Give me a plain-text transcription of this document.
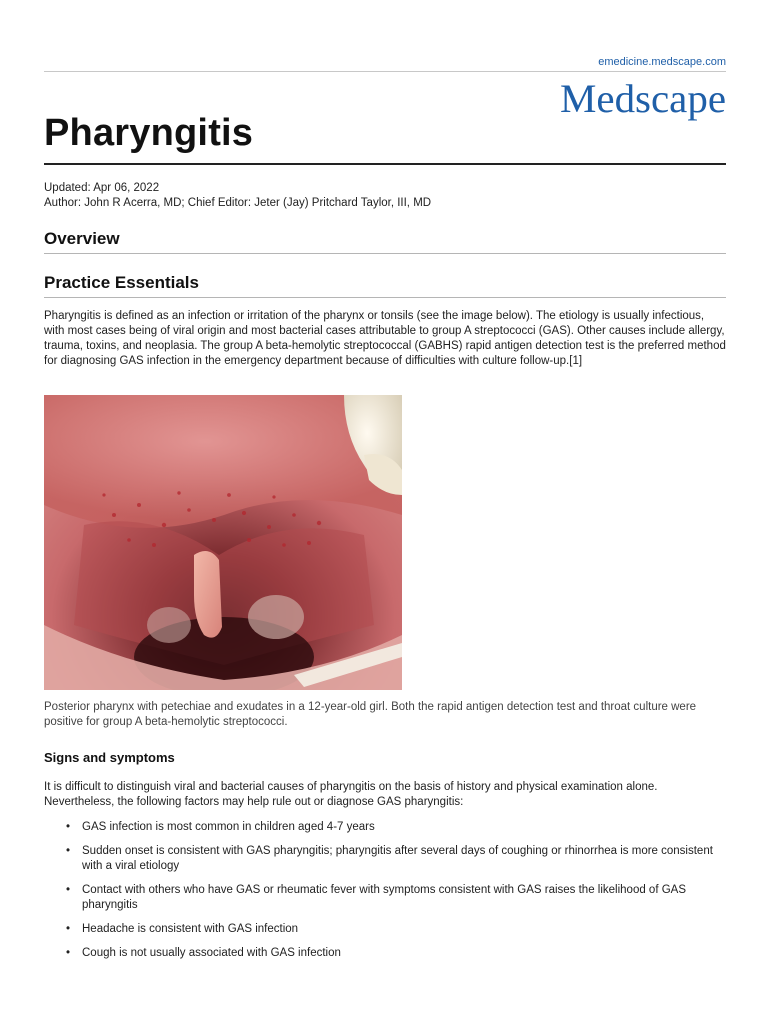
emedicine.medscape.com
Medscape
Pharyngitis
Updated: Apr 06, 2022
Author: John R Acerra, MD; Chief Editor: Jeter (Jay) Pritchard Taylor, III, MD
Overview
Practice Essentials

Pharyngitis is defined as an infection or irritation of the pharynx or tonsils (see the image below). The etiology is usually infectious, with most cases being of viral origin and most bacterial cases attributable to group A streptococci (GAS). Other causes include allergy, trauma, toxins, and neoplasia. The group A beta-hemolytic streptococcal (GABHS) rapid antigen detection test is the preferred method for diagnosing GAS infection in the emergency department because of difficulties with culture follow-up.[1]

Posterior pharynx with petechiae and exudates in a 12-year-old girl. Both the rapid antigen detection test and throat culture were positive for group A beta-hemolytic streptococci.

Signs and symptoms

It is difficult to distinguish viral and bacterial causes of pharyngitis on the basis of history and physical examination alone. Nevertheless, the following factors may help rule out or diagnose GAS pharyngitis:

• GAS infection is most common in children aged 4-7 years
• Sudden onset is consistent with GAS pharyngitis; pharyngitis after several days of coughing or rhinorrhea is more consistent with a viral etiology
• Contact with others who have GAS or rheumatic fever with symptoms consistent with GAS raises the likelihood of GAS pharyngitis
• Headache is consistent with GAS infection
• Cough is not usually associated with GAS infection
